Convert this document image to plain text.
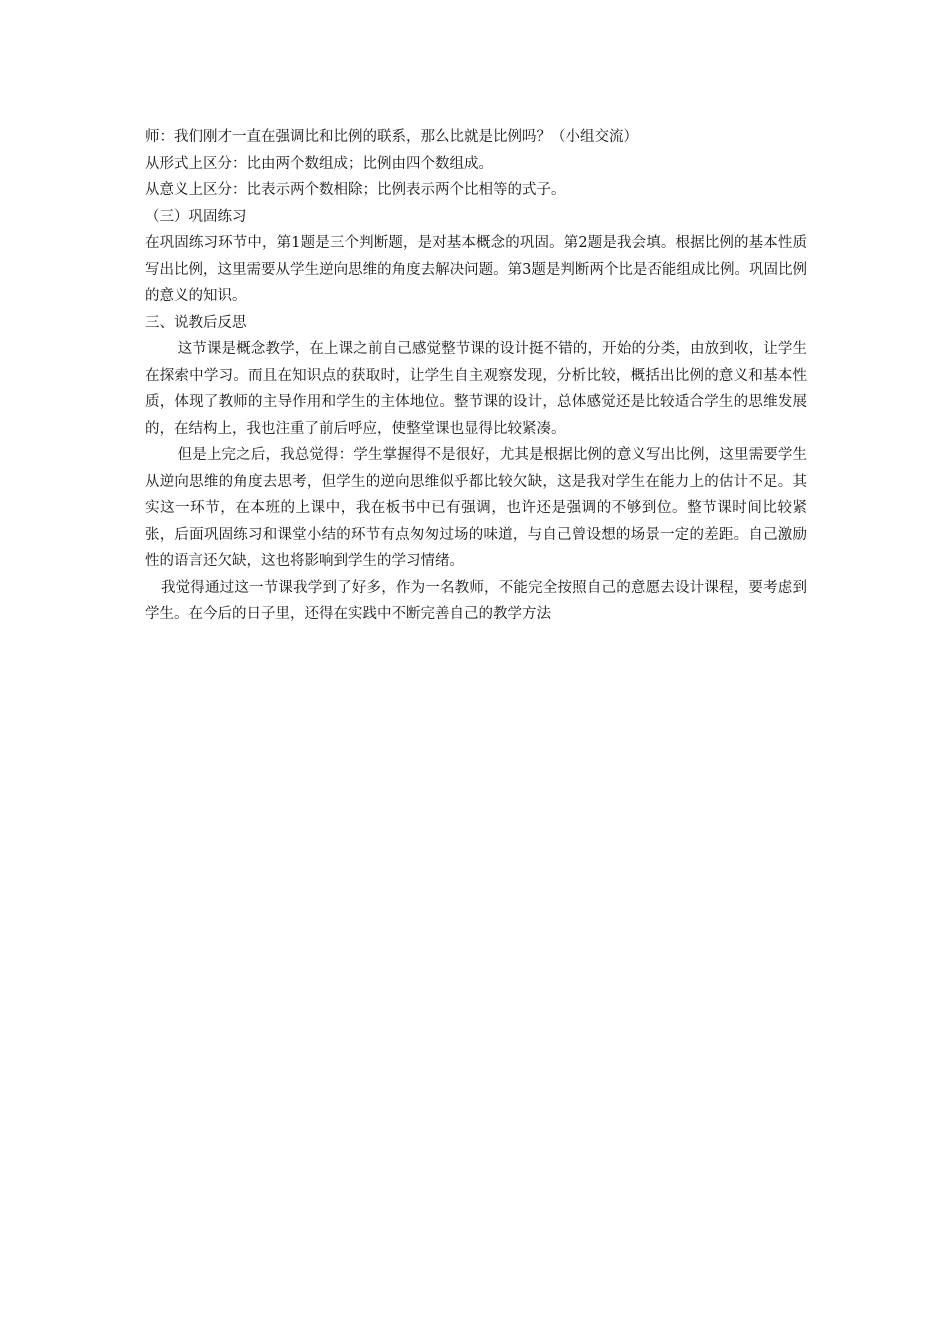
师：我们刚才一直在强调比和比例的联系，那么比就是比例吗？（小组交流）

从形式上区分：比由两个数组成；比例由四个数组成。

从意义上区分：比表示两个数相除；比例表示两个比相等的式子。

（三）巩固练习

在巩固练习环节中，第1题是三个判断题，是对基本概念的巩固。第2题是我会填。根据比例的基本性质写出比例，这里需要从学生逆向思维的角度去解决问题。第3题是判断两个比是否能组成比例。巩固比例的意义的知识。

三、说教后反思

这节课是概念教学，在上课之前自己感觉整节课的设计挺不错的，开始的分类，由放到收，让学生在探索中学习。而且在知识点的获取时，让学生自主观察发现，分析比较，概括出比例的意义和基本性质，体现了教师的主导作用和学生的主体地位。整节课的设计，总体感觉还是比较适合学生的思维发展的，在结构上，我也注重了前后呼应，使整堂课也显得比较紧凑。

但是上完之后，我总觉得：学生掌握得不是很好，尤其是根据比例的意义写出比例，这里需要学生从逆向思维的角度去思考，但学生的逆向思维似乎都比较欠缺，这是我对学生在能力上的估计不足。其实这一环节，在本班的上课中，我在板书中已有强调，也许还是强调的不够到位。整节课时间比较紧张，后面巩固练习和课堂小结的环节有点匆匆过场的味道，与自己曾设想的场景一定的差距。自己激励性的语言还欠缺，这也将影响到学生的学习情绪。

我觉得通过这一节课我学到了好多，作为一名教师，不能完全按照自己的意愿去设计课程，要考虑到学生。在今后的日子里，还得在实践中不断完善自己的教学方法
